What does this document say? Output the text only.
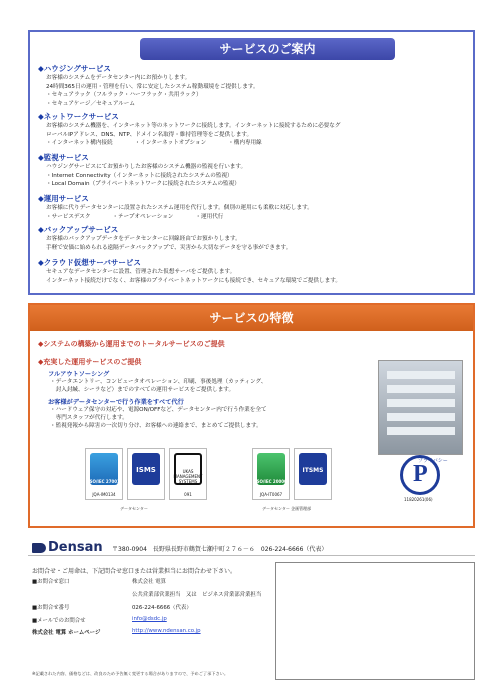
サービスのご案内
◆ハウジングサービス

お客様のシステムをデータセンター内にお預かりします。

24時間365日の運用・管理を行い、常に安定したシステム稼動環境をご提供します。

・セキュアラック（フルラック・ハーフラック・共用ラック）

・セキュアケージ／セキュアルーム

◆ネットワークサービス

お客様のシステム機器を、インターネット等のネットワークに接続します。インターネットに接続するために必要なグ

ローバルIPアドレス、DNS、NTP、ドメイン名取得・維持管理等をご提供します。

・インターネット構内接続	・インターネットオプション	・構内専用線
◆監視サービス

ハウジングサービスにてお預かりしたお客様のシステム機器の監視を行います。

・Internet Connectivity（インターネットに接続されたシステムの監視）

・Local Domain（プライベートネットワークに接続されたシステムの監視）

◆運用サービス

お客様に代りデータセンターに設置されたシステム運用を代行します。個別の運用にも柔軟に対応します。

・サービスデスク	・テープオペレーション	・運用代行
◆バックアップサービス

お客様のバックアップデータをデータセンターに回線経由でお預かりします。

手軽で安価に始められる遠隔データバックアップで、災害から大切なデータを守る事ができます。

◆クラウド仮想サーバサービス

セキュアなデータセンターに設置、管理された仮想サーバをご提供します。

インターネット接続だけでなく、お客様のプライベートネットワークにも接続でき、セキュアな環境でご提供します。

サービスの特徴
◆システムの構築から運用までのトータルサービスのご提供
◆充実した運用サービスのご提供
フルアウトソーシング
・データエントリー、コンピュータオペレーション、印刷、事後処理（カッティング、
　封入封緘、シーラなど）までのすべての運用サービスをご提供します。
お客様がデータセンターで行う作業をすべて代行
・ハードウェア保守の対応や、電源ON/OFFなど、データセンター内で行う作業を全て
　専門スタッフが代行します。
・監視発報から障害の一次切り分け、お客様への連絡まで、まとめてご提供します。
ISO/IEC 27001
JQA-IM0134
ISMS	UKAS MANAGEMENT SYSTEMS
091
データセンター
ISO/IEC 20000
JQA-IT0067
ITSMS
データセンター 企画管理部
P
プライバシー
11820261(06)
Densan 〒380-0904　長野県長野市鶴賀七瀬中町２７６－６　026-224-6666（代表）
お問合せ・ご用命は、下記問合せ窓口または営業担当にお問合わせ下さい。
■お問合せ窓口	株式会社 電算
公共営業部営業担当　又は　ビジネス営業部営業担当
■お問合せ番号	026-224-6666（代表）
■メールでのお問合せ	info@dsdc.jp
株式会社 電算 ホームページ	http://www.ndensan.co.jp
※記載された内容、価格などは、改良のため予告無く変更する場合がありますので、予めご了承下さい。
